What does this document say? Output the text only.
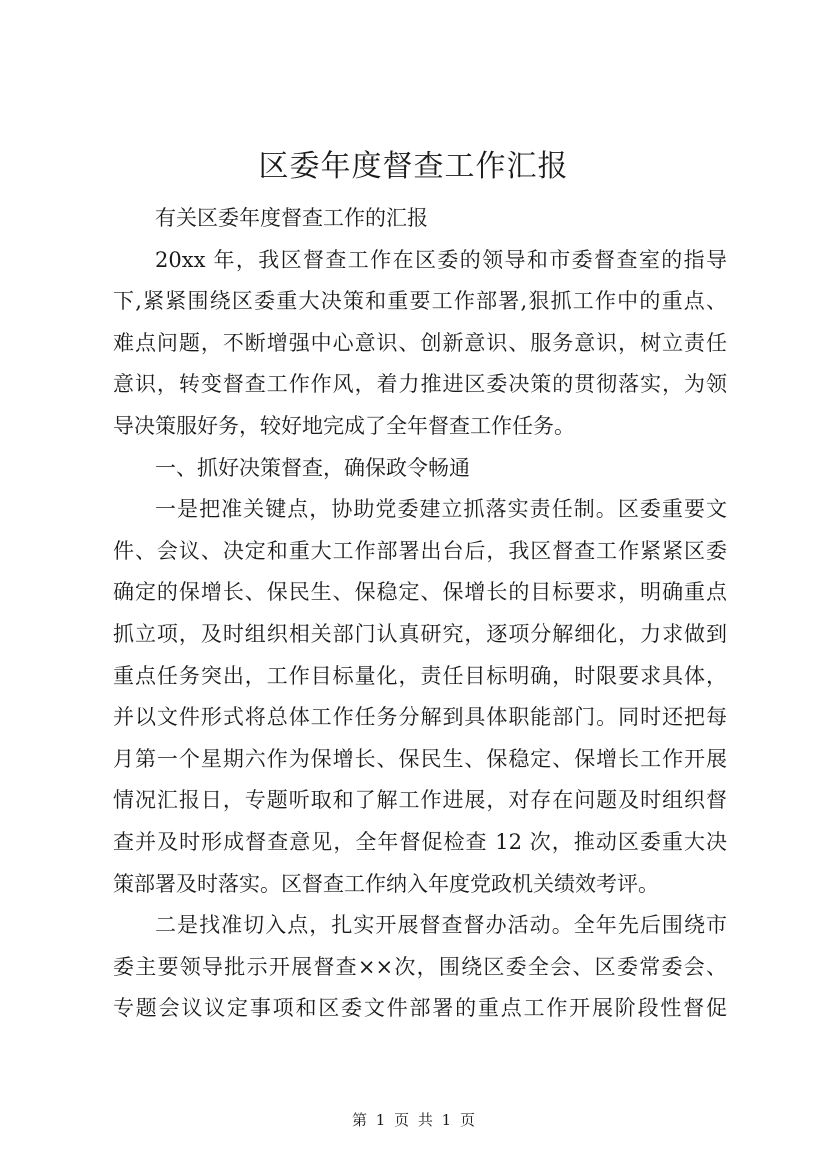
区委年度督查工作汇报
有关区委年度督查工作的汇报
20xx 年，我区督查工作在区委的领导和市委督查室的指导
下,紧紧围绕区委重大决策和重要工作部署,狠抓工作中的重点、
难点问题，不断增强中心意识、创新意识、服务意识，树立责任
意识，转变督查工作作风，着力推进区委决策的贯彻落实，为领
导决策服好务，较好地完成了全年督查工作任务。
一、抓好决策督查，确保政令畅通
一是把准关键点，协助党委建立抓落实责任制。区委重要文
件、会议、决定和重大工作部署出台后，我区督查工作紧紧区委
确定的保增长、保民生、保稳定、保增长的目标要求，明确重点
抓立项，及时组织相关部门认真研究，逐项分解细化，力求做到
重点任务突出，工作目标量化，责任目标明确，时限要求具体，
并以文件形式将总体工作任务分解到具体职能部门。同时还把每
月第一个星期六作为保增长、保民生、保稳定、保增长工作开展
情况汇报日，专题听取和了解工作进展，对存在问题及时组织督
查并及时形成督查意见，全年督促检查 12 次，推动区委重大决
策部署及时落实。区督查工作纳入年度党政机关绩效考评。
二是找准切入点，扎实开展督查督办活动。全年先后围绕市
委主要领导批示开展督查××次，围绕区委全会、区委常委会、
专题会议议定事项和区委文件部署的重点工作开展阶段性督促
第 1 页 共 1 页
